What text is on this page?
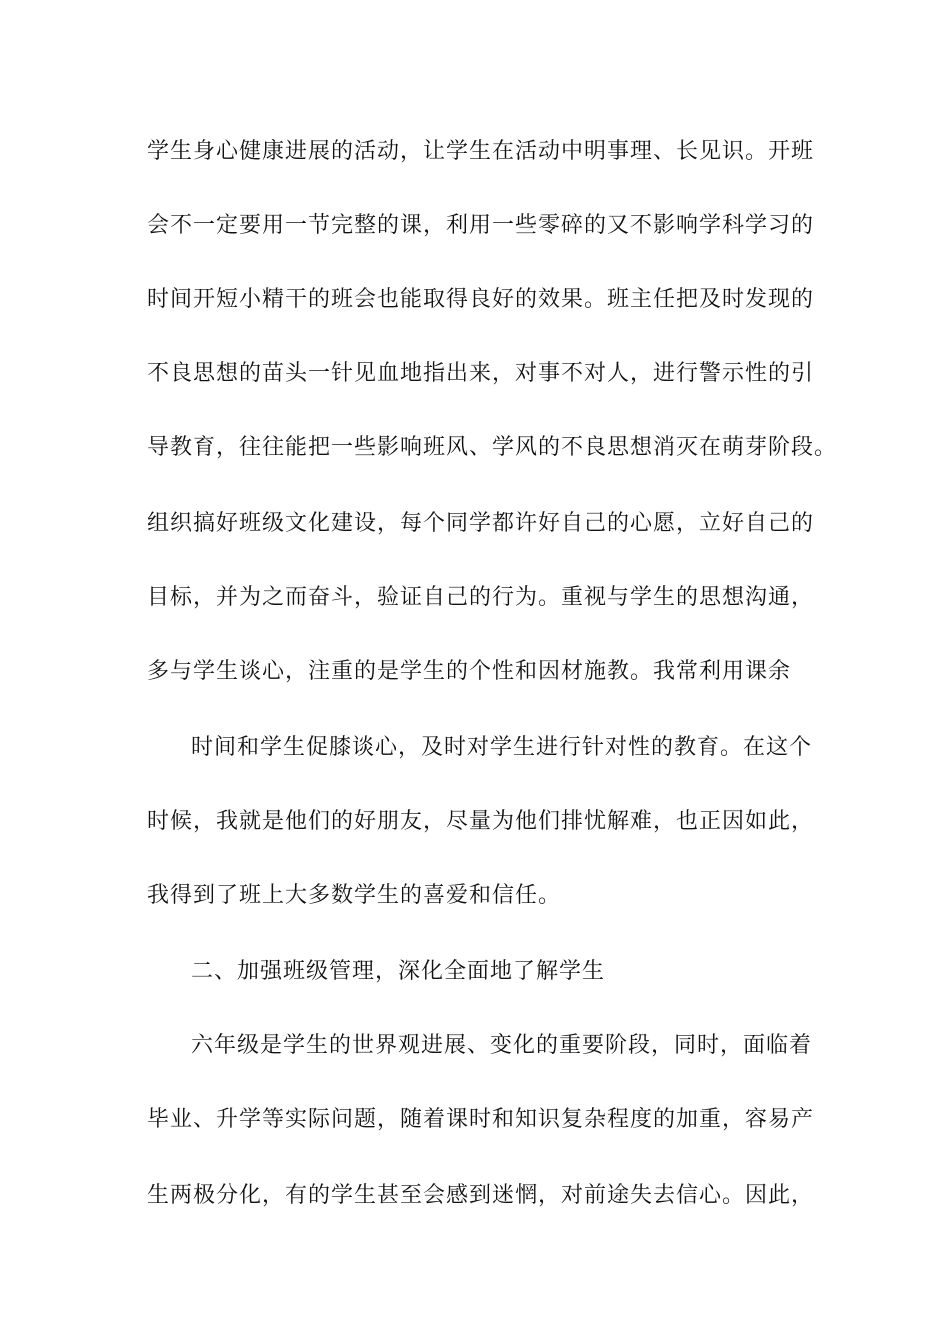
学生身心健康进展的活动，让学生在活动中明事理、长见识。开班
会不一定要用一节完整的课，利用一些零碎的又不影响学科学习的
时间开短小精干的班会也能取得良好的效果。班主任把及时发现的
不良思想的苗头一针见血地指出来，对事不对人，进行警示性的引
导教育，往往能把一些影响班风、学风的不良思想消灭在萌芽阶段。
组织搞好班级文化建设，每个同学都许好自己的心愿，立好自己的
目标，并为之而奋斗，验证自己的行为。重视与学生的思想沟通，
多与学生谈心，注重的是学生的个性和因材施教。我常利用课余
时间和学生促膝谈心，及时对学生进行针对性的教育。在这个
时候，我就是他们的好朋友，尽量为他们排忧解难，也正因如此，
我得到了班上大多数学生的喜爱和信任。
二、加强班级管理，深化全面地了解学生
六年级是学生的世界观进展、变化的重要阶段，同时，面临着
毕业、升学等实际问题，随着课时和知识复杂程度的加重，容易产
生两极分化，有的学生甚至会感到迷惘，对前途失去信心。因此，
